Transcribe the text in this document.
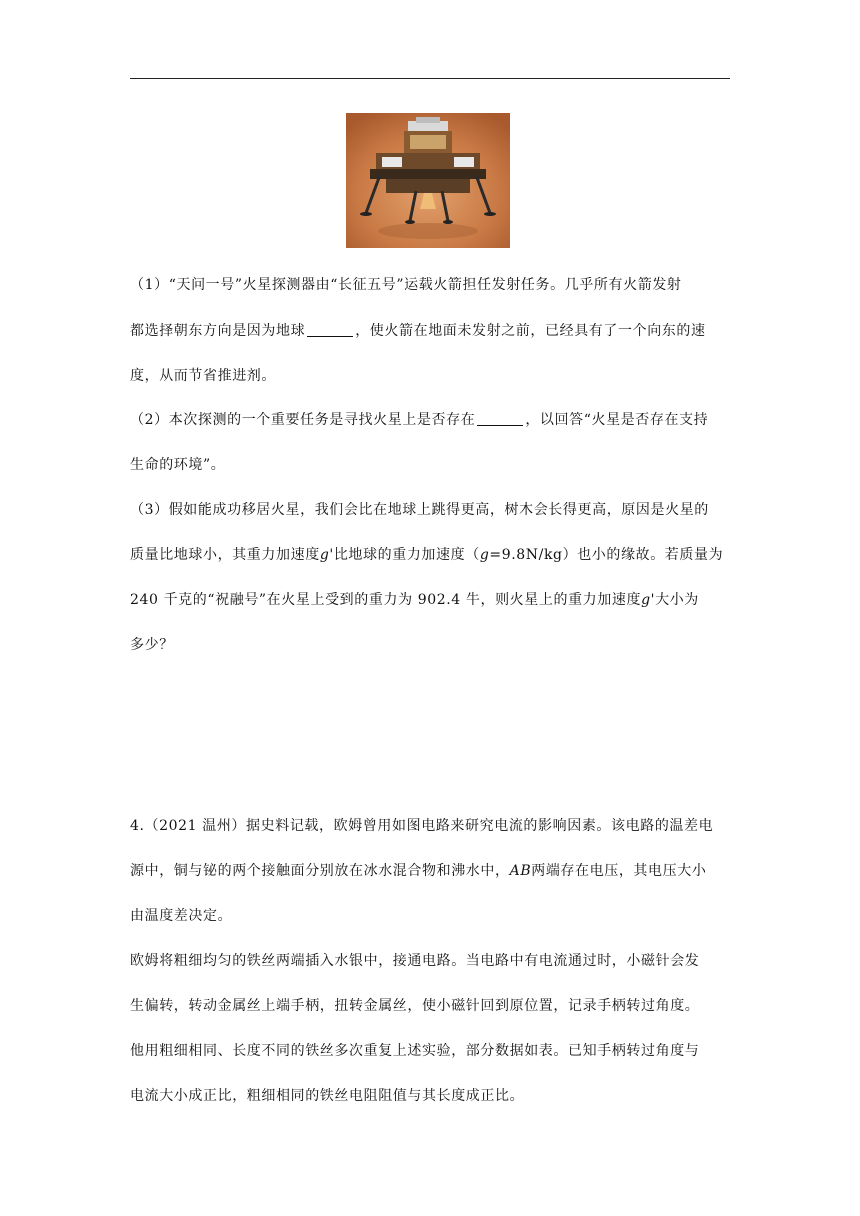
（1）“天问一号”火星探测器由“长征五号”运载火箭担任发射任务。几乎所有火箭发射
都选择朝东方向是因为地球	，使火箭在地面未发射之前，已经具有了一个向东的速
度，从而节省推进剂。
（2）本次探测的一个重要任务是寻找火星上是否存在	，以回答“火星是否存在支持
生命的环境”。
（3）假如能成功移居火星，我们会比在地球上跳得更高，树木会长得更高，原因是火星的
质量比地球小，其重力加速度g'比地球的重力加速度（g=9.8N/kg）也小的缘故。若质量为
240 千克的“祝融号”在火星上受到的重力为 902.4 牛，则火星上的重力加速度g'大小为
多少？
4.（2021 温州）据史料记载，欧姆曾用如图电路来研究电流的影响因素。该电路的温差电
源中，铜与铋的两个接触面分别放在冰水混合物和沸水中，AB两端存在电压，其电压大小
由温度差决定。
欧姆将粗细均匀的铁丝两端插入水银中，接通电路。当电路中有电流通过时，小磁针会发
生偏转，转动金属丝上端手柄，扭转金属丝，使小磁针回到原位置，记录手柄转过角度。
他用粗细相同、长度不同的铁丝多次重复上述实验，部分数据如表。已知手柄转过角度与
电流大小成正比，粗细相同的铁丝电阻阻值与其长度成正比。
